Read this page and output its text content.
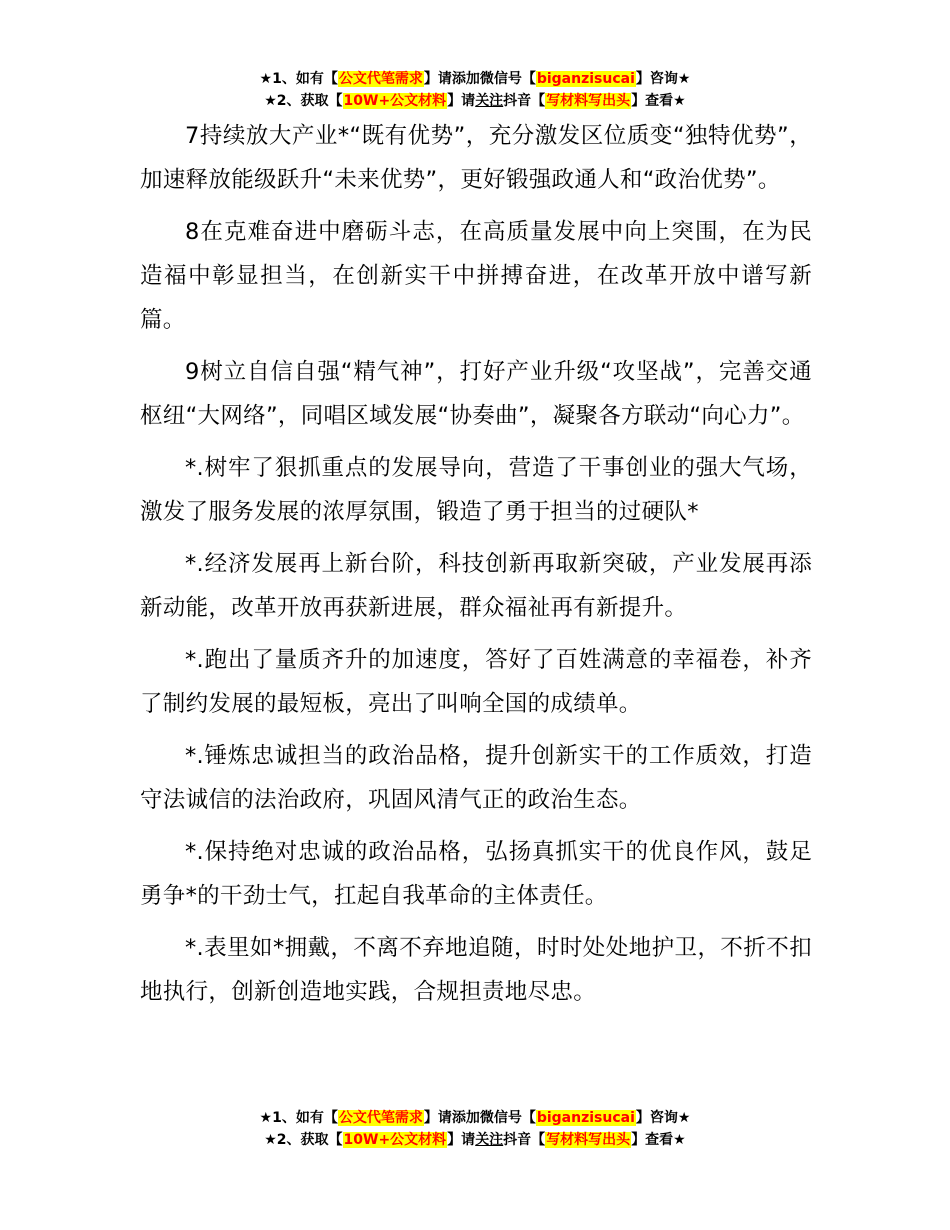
★1、如有【公文代笔需求】请添加微信号【biganzisucai】咨询★
★2、获取【10W+公文材料】请关注抖音【写材料写出头】查看★

7持续放大产业*“既有优势”，充分激发区位质变“独特优势”，加速释放能级跃升“未来优势”，更好锻强政通人和“政治优势”。

8在克难奋进中磨砺斗志，在高质量发展中向上突围，在为民造福中彰显担当，在创新实干中拼搏奋进，在改革开放中谱写新篇。

9树立自信自强“精气神”，打好产业升级“攻坚战”，完善交通枢纽“大网络”，同唱区域发展“协奏曲”，凝聚各方联动“向心力”。

*.树牢了狠抓重点的发展导向，营造了干事创业的强大气场，激发了服务发展的浓厚氛围，锻造了勇于担当的过硬队*

*.经济发展再上新台阶，科技创新再取新突破，产业发展再添新动能，改革开放再获新进展，群众福祉再有新提升。

*.跑出了量质齐升的加速度，答好了百姓满意的幸福卷，补齐了制约发展的最短板，亮出了叫响全国的成绩单。

*.锤炼忠诚担当的政治品格，提升创新实干的工作质效，打造守法诚信的法治政府，巩固风清气正的政治生态。

*.保持绝对忠诚的政治品格，弘扬真抓实干的优良作风，鼓足勇争*的干劲士气，扛起自我革命的主体责任。

*.表里如*拥戴，不离不弃地追随，时时处处地护卫，不折不扣地执行，创新创造地实践，合规担责地尽忠。

★1、如有【公文代笔需求】请添加微信号【biganzisucai】咨询★
★2、获取【10W+公文材料】请关注抖音【写材料写出头】查看★
